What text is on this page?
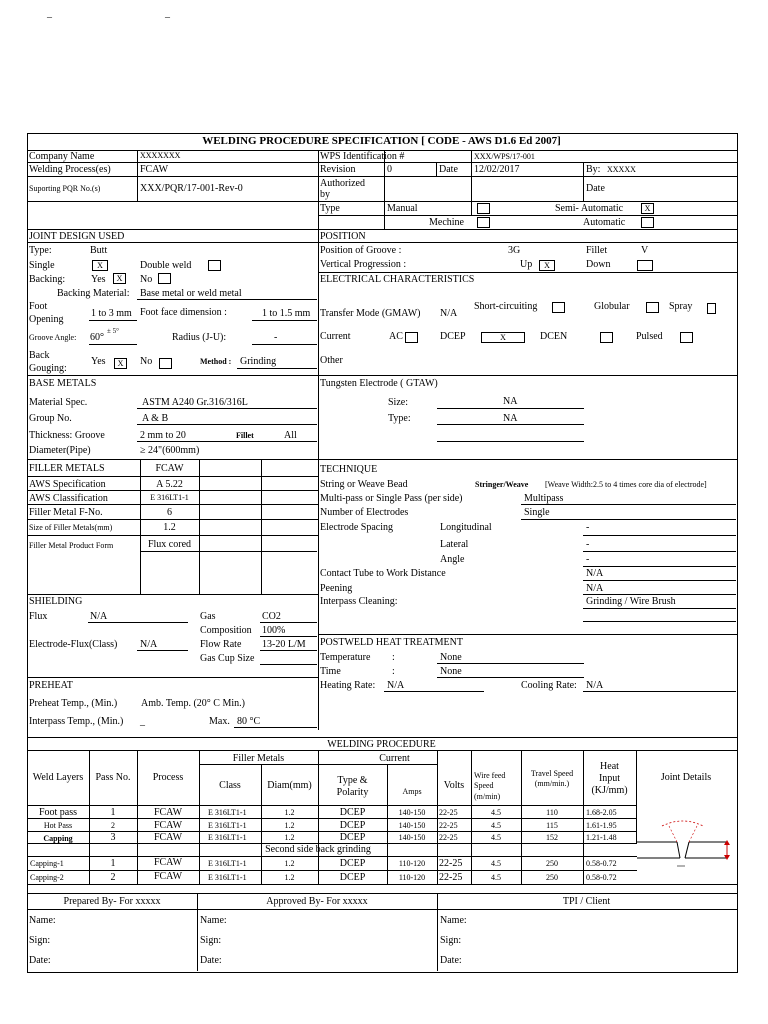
–	–
WELDING PROCEDURE SPECIFICATION [ CODE - AWS D1.6 Ed 2007]
Company Name	XXXXXXX
Welding Process(es)	FCAW
Suporting PQR No.(s)	XXX/PQR/17-001-Rev-0
WPS Identification #	XXX/WPS/17-001
Revision	0	Date 12/02/2017	By: XXXXX
Authorized
by
Date
Type	Manual	Semi- Automatic	X
Mechine	Automatic
JOINT DESIGN USED
Type:	Butt
Single	X	Double weld
Backing:	Yes	X	No
Backing Material: Base metal or weld metal
Foot
Opening
1 to 3 mm Foot face dimension :	1 to 1.5 mm
Groove Angle: 60°
± 5°
Radius (J-U):	-
Back
Gouging:
Yes	X	No	Method : Grinding
POSITION
Position of Groove :	3G	Fillet	V
Vertical Progression :	Up	X	Down
ELECTRICAL CHARACTERISTICS
Transfer Mode (GMAW) N/A
Short-circuiting	Globular	Spray
Current	AC	DCEP	X	DCEN	Pulsed
Other
BASE METALS
Material Spec.	ASTM A240 Gr.316/316L
Group No.	A & B
Thickness: Groove	2 mm to 20	Fillet	All
Diameter(Pipe)	≥ 24"(600mm)
Tungsten Electrode ( GTAW)
Size:	NA
Type:	NA
FILLER METALS	FCAW
AWS Specification	A 5.22
AWS Classification	E 316LT1-1
Filler Metal F-No.	6
Size of Filler Metals(mm)	1.2
Filler Metal Product Form	Flux cored
TECHNIQUE
String or Weave Bead	Stringer/Weave [Weave Width:2.5 to 4 times core dia of electrode]
Multi-pass or Single Pass (per side)	Multipass
Number of Electrodes	Single
Electrode Spacing	Longitudinal	-
Lateral	-
Angle	-
Contact Tube to Work Distance	N/A
Peening	N/A
Interpass Cleaning:	Grinding / Wire Brush
SHIELDING
Flux	N/A	Gas	CO2
Composition 100%
Electrode-Flux(Class) N/A	Flow Rate 13-20 L/M
Gas Cup Size
POSTWELD HEAT TREATMENT
Temperature :	None
Time	:	None
Heating Rate: N/A	Cooling Rate: N/A
PREHEAT
Preheat Temp., (Min.) Amb. Temp. (20° C Min.)
Interpass Temp., (Min.) _	Max. 80 °C
WELDING PROCEDURE
Weld Layers	Pass No.	Process
Filler Metals
Class	Diam(mm)	Type &
Polarity
Current
Amps
Volts
Wire feed
Speed
(m/min)
Travel Speed
(mm/min.)
Heat
Input
(KJ/mm)
Joint Details
Foot pass	1	FCAW	E 316LT1-1	1.2	DCEP	140-150	22-25	4.5	110	1.68-2.05
Hot Pass	2	FCAW	E 316LT1-1	1.2	DCEP	140-150	22-25	4.5	115	1.61-1.95
Capping	3	FCAW	E 316LT1-1	1.2	DCEP	140-150	22-25	4.5	152	1.21-1.48
Second side back grinding
Capping-1	1	FCAW	E 316LT1-1	1.2	DCEP	110-120	22-25	4.5	250	0.58-0.72
Capping-2	2	FCAW	E 316LT1-1	1.2	DCEP	110-120	22-25	4.5	250	0.58-0.72
Prepared By- For xxxxx	Approved By- For xxxxx	TPI / Client
Name:
Sign:
Date:
Name:
Sign:
Date:
Name:
Sign:
Date:
